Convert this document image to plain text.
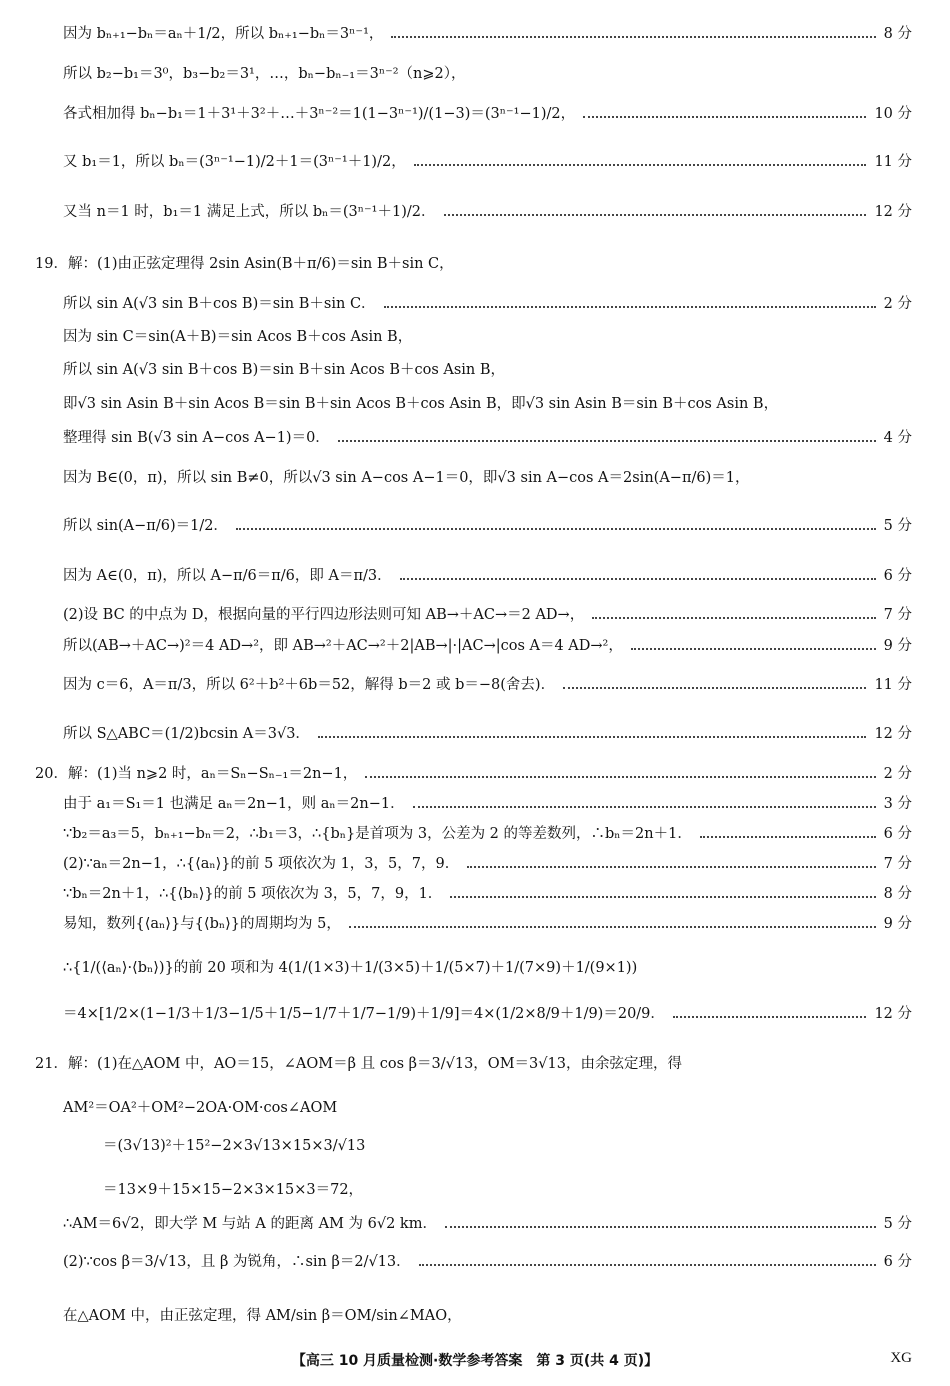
因为 bₙ₊₁−bₙ＝aₙ＋1/2，所以 bₙ₊₁−bₙ＝3ⁿ⁻¹，	8 分
所以 b₂−b₁＝3⁰，b₃−b₂＝3¹，…，bₙ−bₙ₋₁＝3ⁿ⁻²（n⩾2），
各式相加得 bₙ−b₁＝1＋3¹＋3²＋…＋3ⁿ⁻²＝1(1−3ⁿ⁻¹)/(1−3)＝(3ⁿ⁻¹−1)/2，	10 分
又 b₁＝1，所以 bₙ＝(3ⁿ⁻¹−1)/2＋1＝(3ⁿ⁻¹＋1)/2，	11 分
又当 n＝1 时，b₁＝1 满足上式，所以 bₙ＝(3ⁿ⁻¹＋1)/2．	12 分
19．解：(1)由正弦定理得 2sin Asin(B＋π/6)＝sin B＋sin C，
所以 sin A(√3 sin B＋cos B)＝sin B＋sin C．	2 分
因为 sin C＝sin(A＋B)＝sin Acos B＋cos Asin B，
所以 sin A(√3 sin B＋cos B)＝sin B＋sin Acos B＋cos Asin B，
即√3 sin Asin B＋sin Acos B＝sin B＋sin Acos B＋cos Asin B，即√3 sin Asin B＝sin B＋cos Asin B，
整理得 sin B(√3 sin A−cos A−1)＝0．	4 分
因为 B∈(0，π)，所以 sin B≠0，所以√3 sin A−cos A−1＝0，即√3 sin A−cos A＝2sin(A−π/6)＝1，
所以 sin(A−π/6)＝1/2．	5 分
因为 A∈(0，π)，所以 A−π/6＝π/6，即 A＝π/3．	6 分
(2)设 BC 的中点为 D，根据向量的平行四边形法则可知 AB→＋AC→＝2 AD→，	7 分
所以(AB→＋AC→)²＝4 AD→²，即 AB→²＋AC→²＋2|AB→|·|AC→|cos A＝4 AD→²，	9 分
因为 c＝6，A＝π/3，所以 6²＋b²＋6b＝52，解得 b＝2 或 b＝−8(舍去)．	11 分
所以 S△ABC＝(1/2)bcsin A＝3√3．	12 分
20．解：(1)当 n⩾2 时，aₙ＝Sₙ−Sₙ₋₁＝2n−1，	2 分
由于 a₁＝S₁＝1 也满足 aₙ＝2n−1，则 aₙ＝2n−1．	3 分
∵b₂＝a₃＝5，bₙ₊₁−bₙ＝2，∴b₁＝3，∴{bₙ}是首项为 3，公差为 2 的等差数列，∴bₙ＝2n＋1．	6 分
(2)∵aₙ＝2n−1，∴{⟨aₙ⟩}的前 5 项依次为 1，3，5，7，9．	7 分
∵bₙ＝2n＋1，∴{⟨bₙ⟩}的前 5 项依次为 3，5，7，9，1．	8 分
易知，数列{⟨aₙ⟩}与{⟨bₙ⟩}的周期均为 5，	9 分
∴{1/(⟨aₙ⟩·⟨bₙ⟩)}的前 20 项和为 4(1/(1×3)＋1/(3×5)＋1/(5×7)＋1/(7×9)＋1/(9×1))
＝4×[1/2×(1−1/3＋1/3−1/5＋1/5−1/7＋1/7−1/9)＋1/9]＝4×(1/2×8/9＋1/9)＝20/9．	12 分
21．解：(1)在△AOM 中，AO＝15，∠AOM＝β 且 cos β＝3/√13，OM＝3√13，由余弦定理，得
AM²＝OA²＋OM²−2OA·OM·cos∠AOM
＝(3√13)²＋15²−2×3√13×15×3/√13
＝13×9＋15×15−2×3×15×3＝72，
∴AM＝6√2，即大学 M 与站 A 的距离 AM 为 6√2 km．	5 分
(2)∵cos β＝3/√13，且 β 为锐角，∴sin β＝2/√13．	6 分
在△AOM 中，由正弦定理，得 AM/sin β＝OM/sin∠MAO，
【高三 10 月质量检测·数学参考答案　第 3 页(共 4 页)】	XG
